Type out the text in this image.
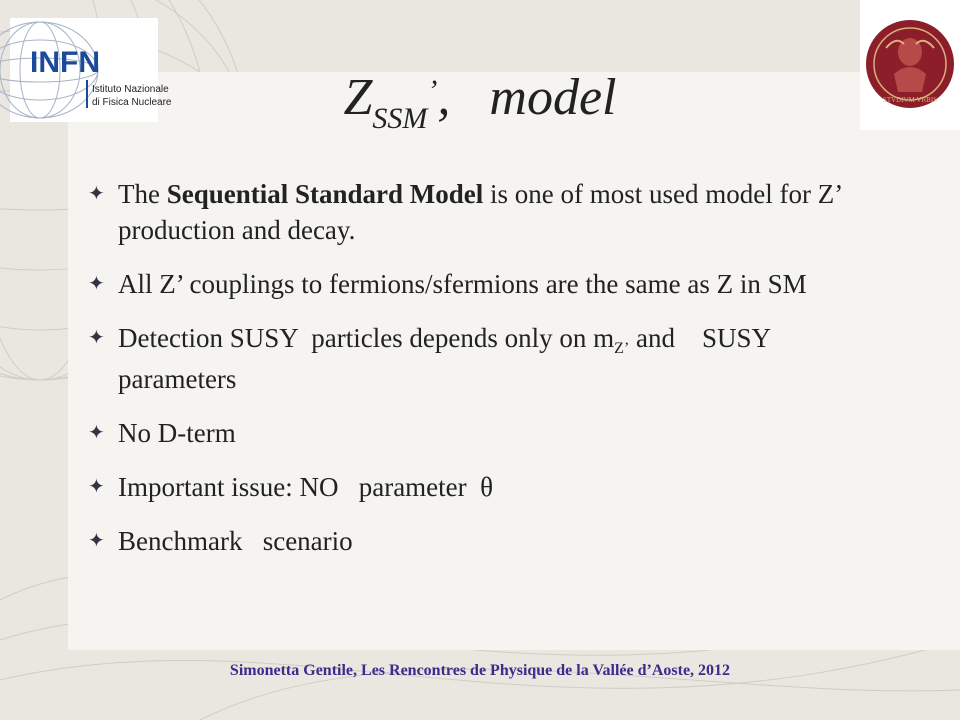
INFN
Istituto Nazionale
di Fisica Nucleare	STVDIVM VRBIS
$Z_{SSM}^’$,   model
✦ The Sequential Standard Model is one of most used model for Z’ production and decay.
✦ All Z’ couplings to fermions/sfermions are the same as Z in SM
✦ Detection SUSY  particles depends only on $m_{Z’}$ and    SUSY parameters
✦ No D-term
✦ Important issue: NO   parameter  θ
✦ Benchmark   scenario
Simonetta Gentile, Les Rencontres de Physique de la Vallée d’Aoste, 2012
